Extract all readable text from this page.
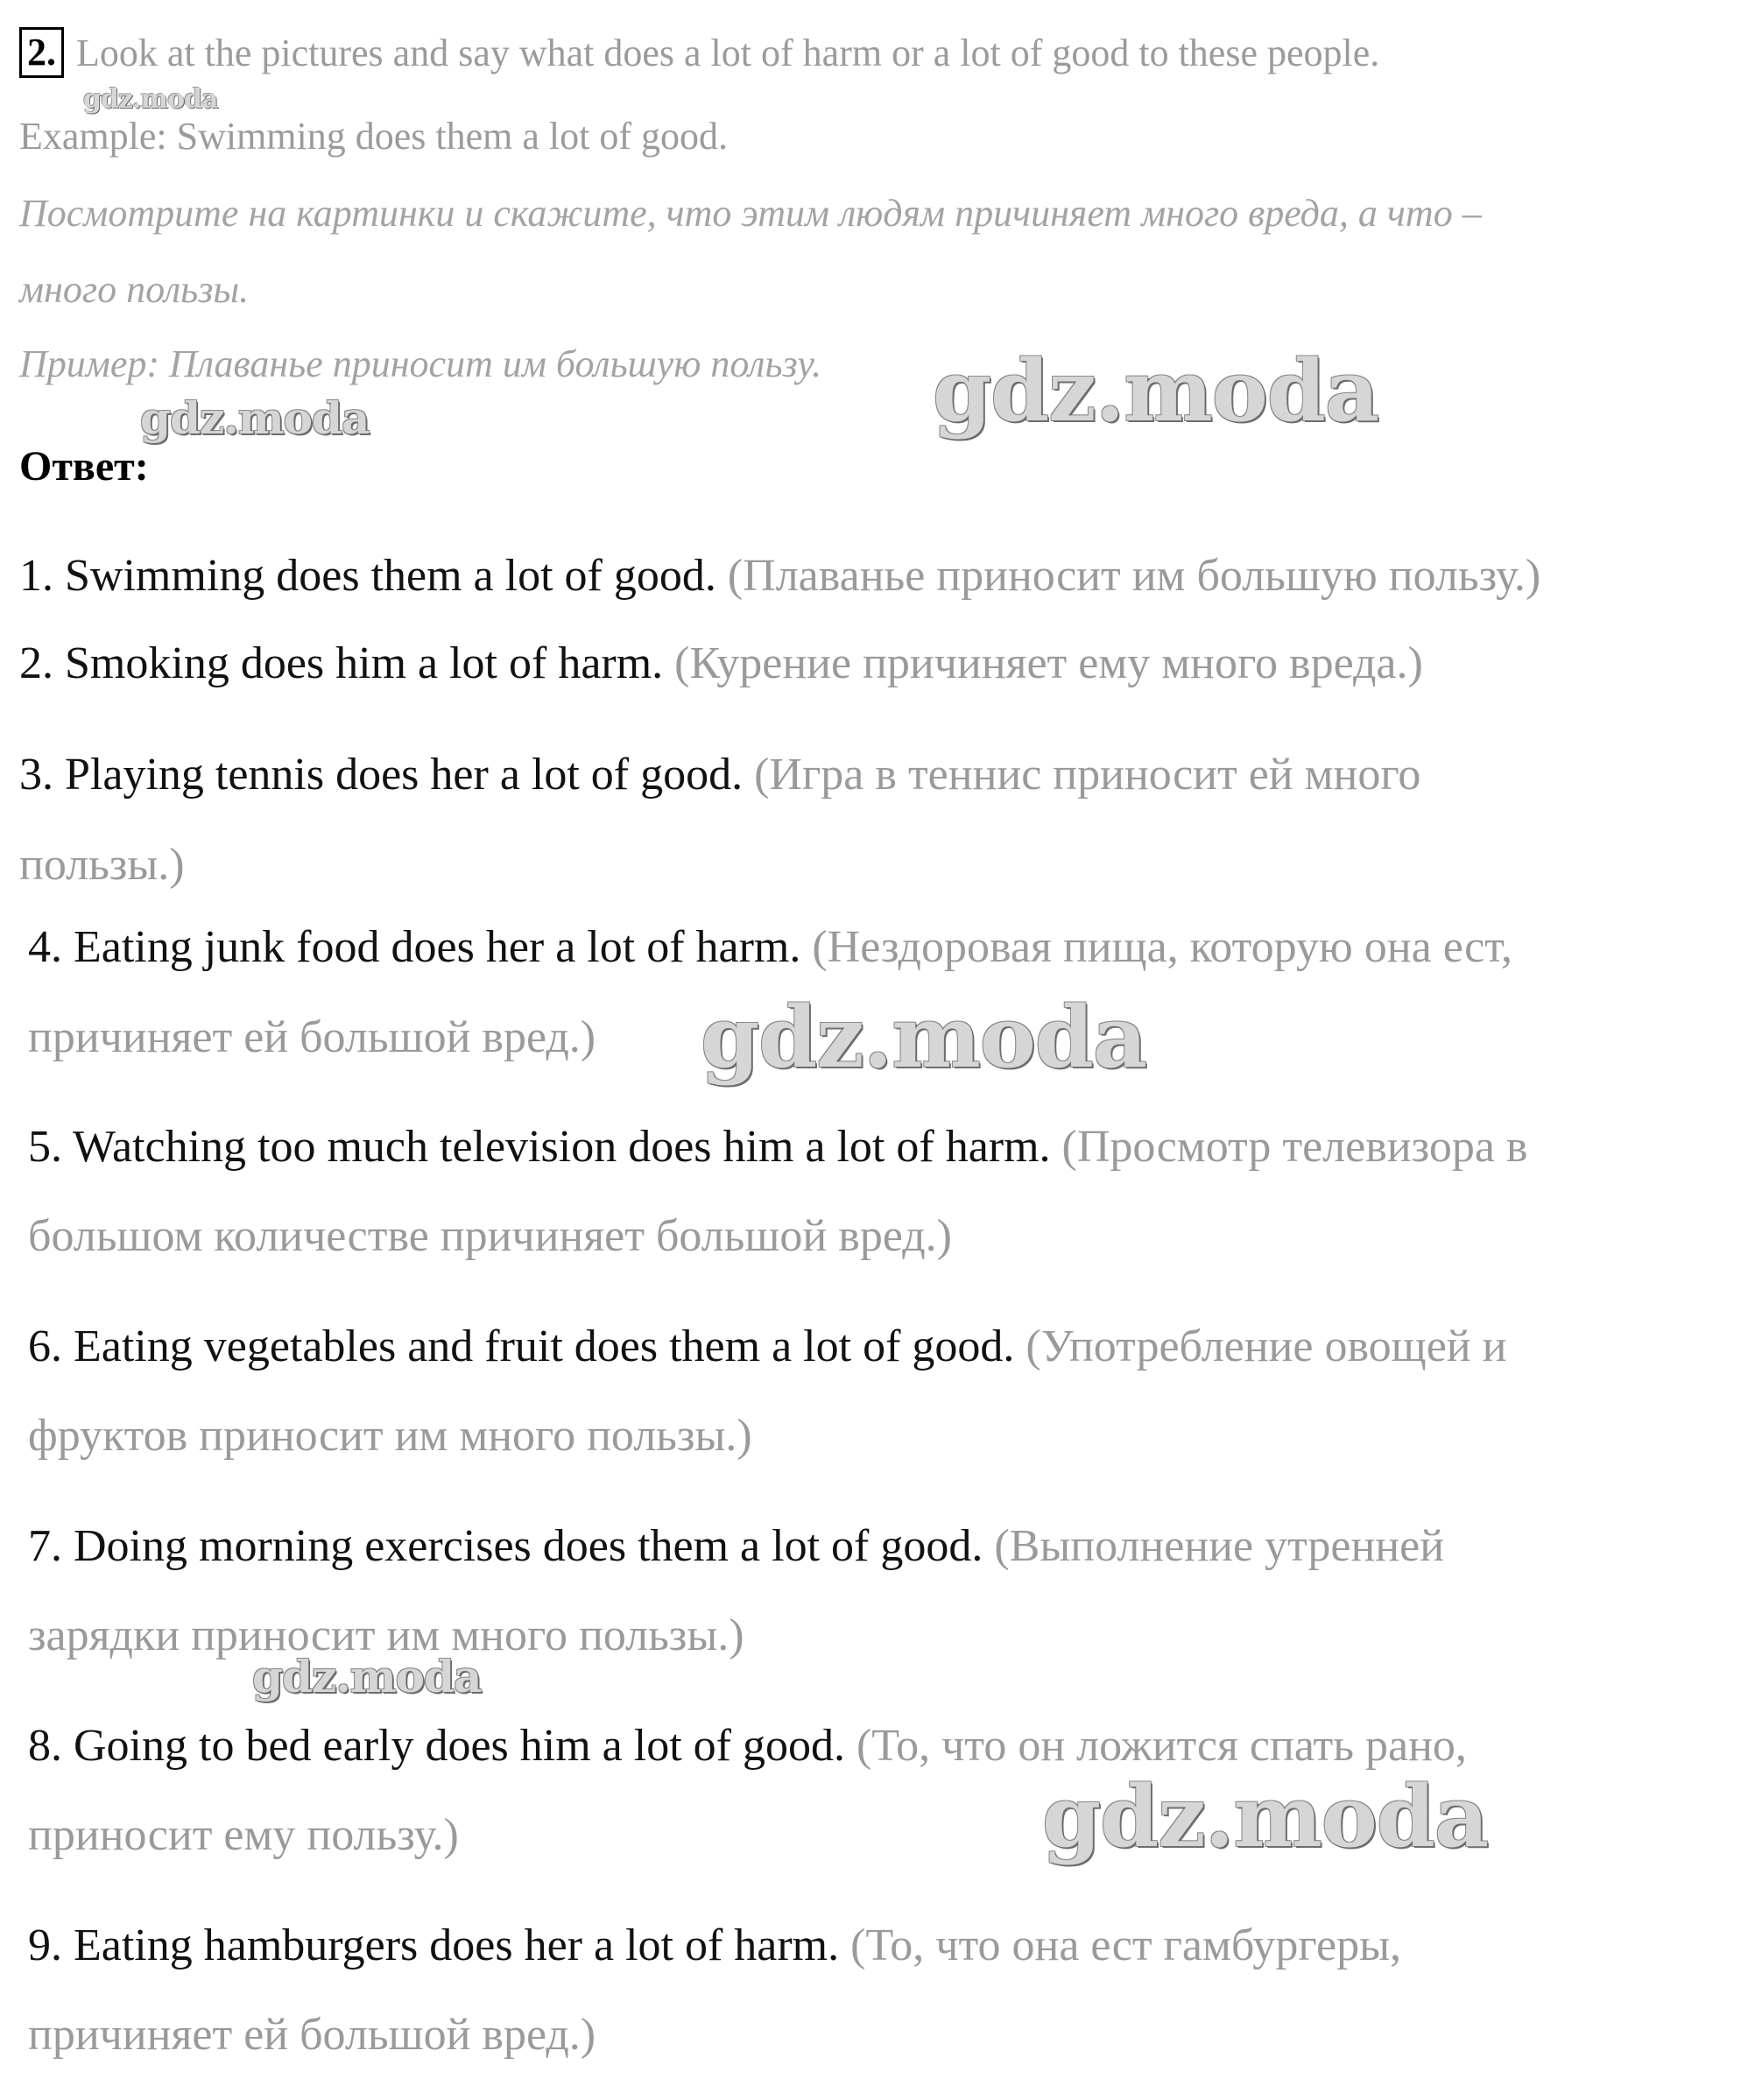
2. Look at the pictures and say what does a lot of harm or a lot of good to these people.
Example: Swimming does them a lot of good.
Посмотрите на картинки и скажите, что этим людям причиняет много вреда, а что –
много пользы.
Пример: Плаванье приносит им большую пользу.
Ответ:
1. Swimming does them a lot of good. (Плаванье приносит им большую пользу.)
2. Smoking does him a lot of harm. (Курение причиняет ему много вреда.)
3. Playing tennis does her a lot of good. (Игра в теннис приносит ей много
пользы.)
4. Eating junk food does her a lot of harm. (Нездоровая пища, которую она ест,
причиняет ей большой вред.)
5. Watching too much television does him a lot of harm. (Просмотр телевизора в
большом количестве причиняет большой вред.)
6. Eating vegetables and fruit does them a lot of good. (Употребление овощей и
фруктов приносит им много пользы.)
7. Doing morning exercises does them a lot of good. (Выполнение утренней
зарядки приносит им много пользы.)
8. Going to bed early does him a lot of good. (То, что он ложится спать рано,
приносит ему пользу.)
9. Eating hamburgers does her a lot of harm. (То, что она ест гамбургеры,
причиняет ей большой вред.)
gdz.moda
gdz.moda	gdz.moda
gdz.moda
gdz.moda
gdz.moda
